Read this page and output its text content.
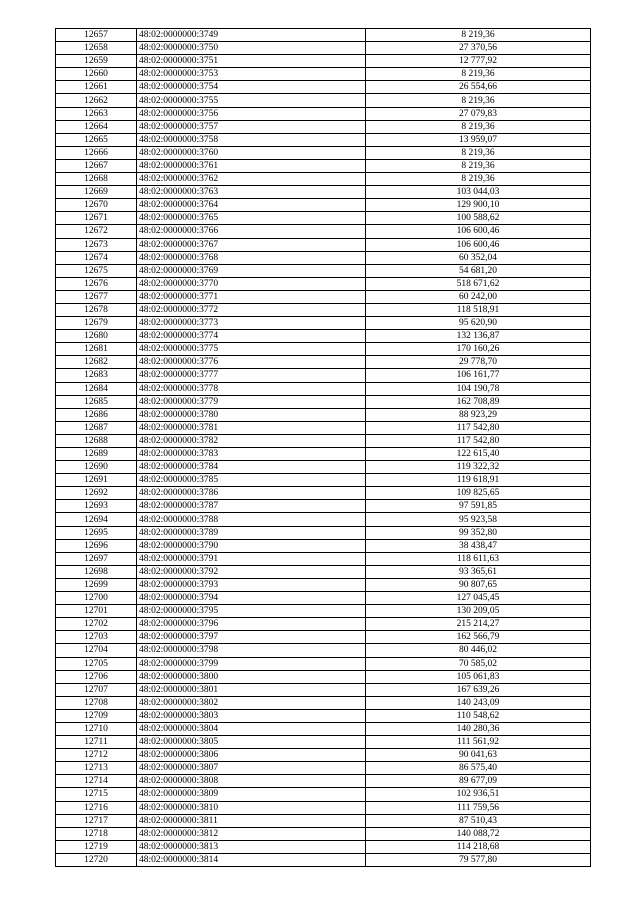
12657	48:02:0000000:3749	8 219,36
12658	48:02:0000000:3750	27 370,56
12659	48:02:0000000:3751	12 777,92
12660	48:02:0000000:3753	8 219,36
12661	48:02:0000000:3754	26 554,66
12662	48:02:0000000:3755	8 219,36
12663	48:02:0000000:3756	27 079,83
12664	48:02:0000000:3757	8 219,36
12665	48:02:0000000:3758	13 959,07
12666	48:02:0000000:3760	8 219,36
12667	48:02:0000000:3761	8 219,36
12668	48:02:0000000:3762	8 219,36
12669	48:02:0000000:3763	103 044,03
12670	48:02:0000000:3764	129 900,10
12671	48:02:0000000:3765	100 588,62
12672	48:02:0000000:3766	106 600,46
12673	48:02:0000000:3767	106 600,46
12674	48:02:0000000:3768	60 352,04
12675	48:02:0000000:3769	54 681,20
12676	48:02:0000000:3770	518 671,62
12677	48:02:0000000:3771	60 242,00
12678	48:02:0000000:3772	118 518,91
12679	48:02:0000000:3773	95 620,90
12680	48:02:0000000:3774	132 136,87
12681	48:02:0000000:3775	170 160,26
12682	48:02:0000000:3776	29 778,70
12683	48:02:0000000:3777	106 161,77
12684	48:02:0000000:3778	104 190,78
12685	48:02:0000000:3779	162 708,89
12686	48:02:0000000:3780	88 923,29
12687	48:02:0000000:3781	117 542,80
12688	48:02:0000000:3782	117 542,80
12689	48:02:0000000:3783	122 615,40
12690	48:02:0000000:3784	119 322,32
12691	48:02:0000000:3785	119 618,91
12692	48:02:0000000:3786	109 825,65
12693	48:02:0000000:3787	97 591,85
12694	48:02:0000000:3788	95 923,58
12695	48:02:0000000:3789	99 352,80
12696	48:02:0000000:3790	38 438,47
12697	48:02:0000000:3791	118 611,63
12698	48:02:0000000:3792	93 365,61
12699	48:02:0000000:3793	90 807,65
12700	48:02:0000000:3794	127 045,45
12701	48:02:0000000:3795	130 209,05
12702	48:02:0000000:3796	215 214,27
12703	48:02:0000000:3797	162 566,79
12704	48:02:0000000:3798	80 446,02
12705	48:02:0000000:3799	70 585,02
12706	48:02:0000000:3800	105 061,83
12707	48:02:0000000:3801	167 639,26
12708	48:02:0000000:3802	140 243,09
12709	48:02:0000000:3803	110 548,62
12710	48:02:0000000:3804	140 280,36
12711	48:02:0000000:3805	111 561,92
12712	48:02:0000000:3806	90 041,63
12713	48:02:0000000:3807	86 575,40
12714	48:02:0000000:3808	89 677,09
12715	48:02:0000000:3809	102 936,51
12716	48:02:0000000:3810	111 759,56
12717	48:02:0000000:3811	87 510,43
12718	48:02:0000000:3812	140 088,72
12719	48:02:0000000:3813	114 218,68
12720	48:02:0000000:3814	79 577,80
